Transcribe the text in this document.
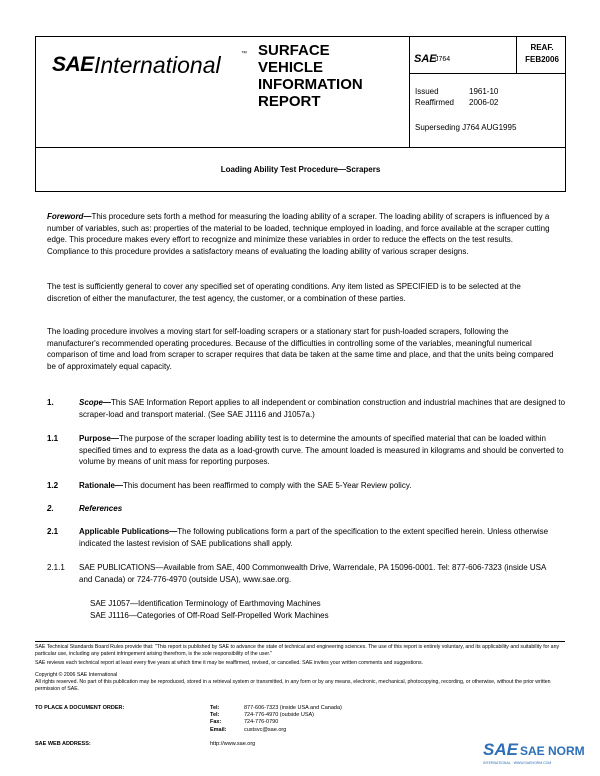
SAE International	™ SURFACE
VEHICLE
INFORMATION
REPORT
SAE
J764
REAF.
FEB2006
Issued	1961-10
Reaffirmed 2006-02
Superseding J764 AUG1995
Loading Ability Test Procedure—Scrapers
Foreword—This procedure sets forth a method for measuring the loading ability of a scraper. The loading ability of scrapers is influenced by a number of variables, such as: properties of the material to be loaded, technique employed in loading, and force available at the scraper cutting edge. This procedure makes every effort to recognize and minimize these variables in order to reduce the effects on the test results. Compliance to this procedure provides a satisfactory means of evaluating the loading ability of various scraper designs.
The test is sufficiently general to cover any specified set of operating conditions. Any item listed as SPECIFIED is to be selected at the discretion of either the manufacturer, the test agency, the customer, or a combination of these parties.
The loading procedure involves a moving start for self-loading scrapers or a stationary start for push-loaded scrapers, following the manufacturer's recommended operating procedures. Because of the difficulties in controlling some of the variables, meaningful numerical comparison of time and load from scraper to scraper requires that data be taken at the same time and place, and that the units being compared be of approximately equal capacity.
1.	Scope—This SAE Information Report applies to all independent or combination construction and industrial machines that are designed to scraper-load and transport material. (See SAE J1116 and J1057a.)
1.1	Purpose—The purpose of the scraper loading ability test is to determine the amounts of specified material that can be loaded within specified times and to express the data as a load-growth curve. The amount loaded is measured in kilograms and should be converted to volume by means of unit mass for reporting purposes.
1.2	Rationale—This document has been reaffirmed to comply with the SAE 5-Year Review policy.
2.	References
2.1	Applicable Publications—The following publications form a part of the specification to the extent specified herein. Unless otherwise indicated the lastest revision of SAE publications shall apply.
2.1.1 SAE PUBLICATIONS—Available from SAE, 400 Commonwealth Drive, Warrendale, PA 15096-0001. Tel: 877-606-7323 (inside USA and Canada) or 724-776-4970 (outside USA), www.sae.org.
SAE J1057—Identification Terminology of Earthmoving Machines
SAE J1116—Categories of Off-Road Self-Propelled Work Machines
SAE Technical Standards Board Rules provide that: "This report is published by SAE to advance the state of technical and engineering sciences. The use of this report is entirely voluntary, and its applicability and suitability for any particular use, including any patent infringement arising therefrom, is the sole responsibility of the user."
SAE reviews each technical report at least every five years at which time it may be reaffirmed, revised, or cancelled. SAE invites your written comments and suggestions.
Copyright © 2006 SAE International
All rights reserved. No part of this publication may be reproduced, stored in a retrieval system or transmitted, in any form or by any means, electronic, mechanical, photocopying, recording, or otherwise, without the prior written permission of SAE.
TO PLACE A DOCUMENT ORDER:	Tel:	877-606-7323 (inside USA and Canada)
Tel:	724-776-4970 (outside USA)
Fax:	724-776-0790
Email:	custsvc@sae.org
SAE WEB ADDRESS:	http://www.sae.org	SAE SAE NORM
INTERNATIONAL · WWW.SAENORM.COM
